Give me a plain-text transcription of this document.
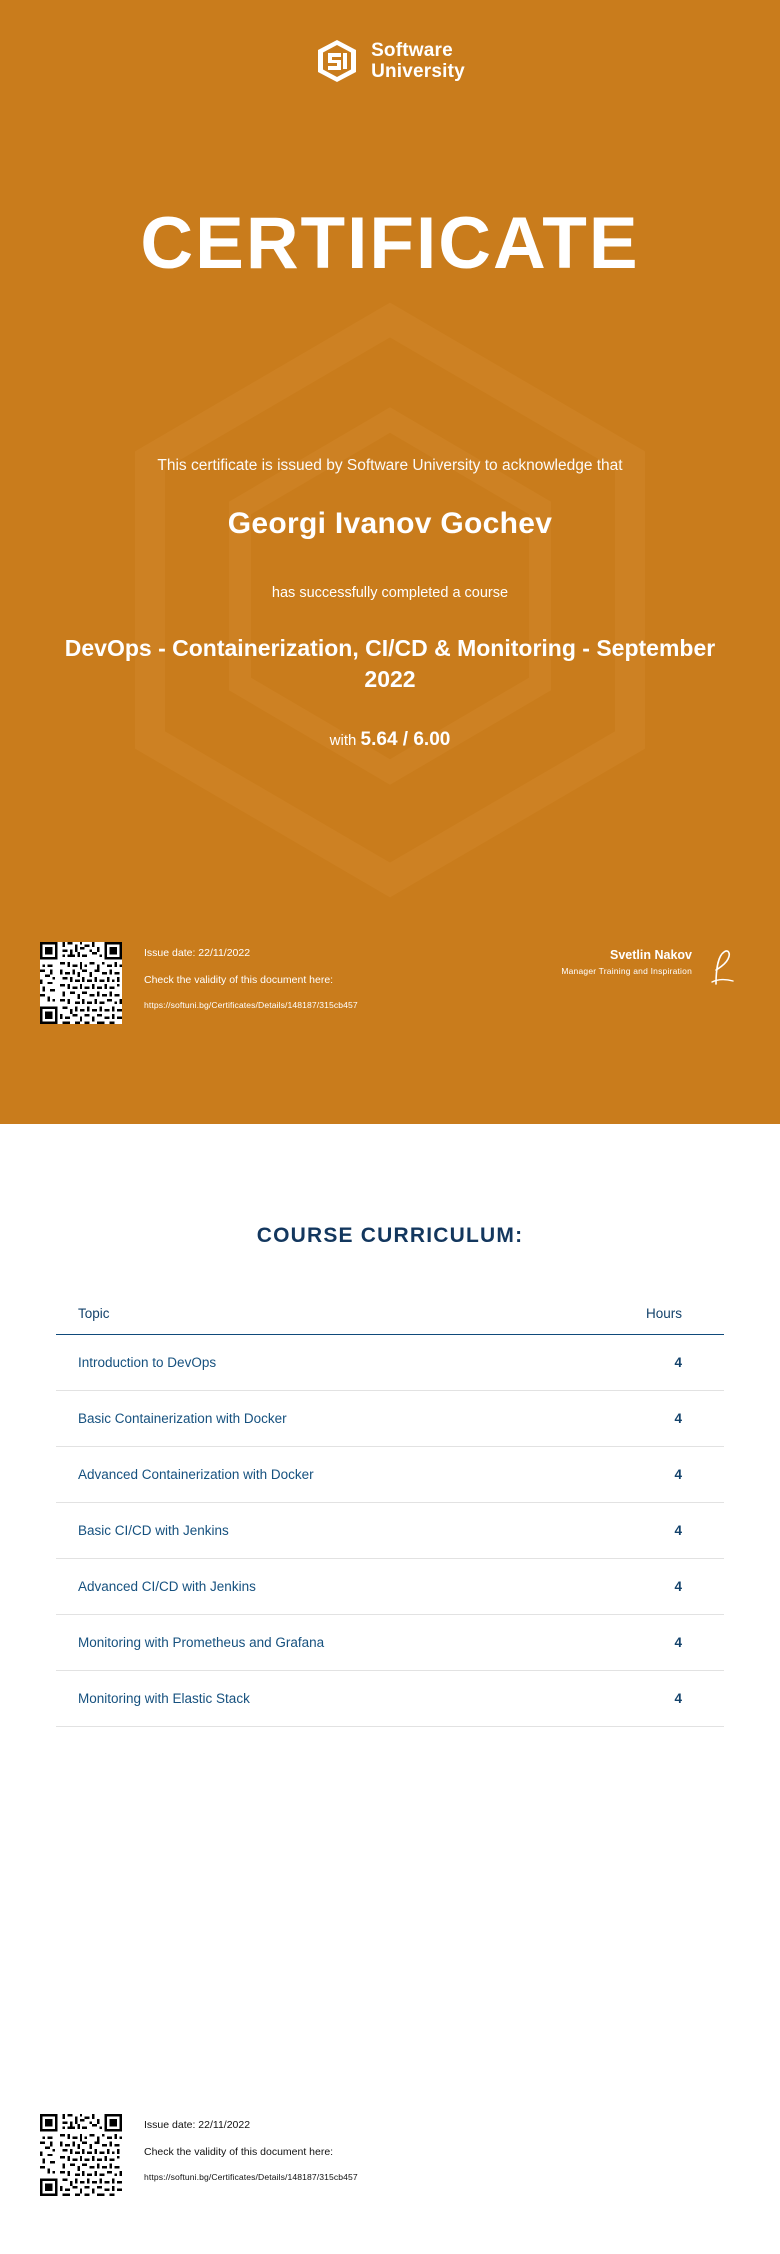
Software
University
CERTIFICATE
This certificate is issued by Software University to acknowledge that
Georgi Ivanov Gochev
has successfully completed a course
DevOps - Containerization, CI/CD & Monitoring - September 2022
with 5.64 / 6.00
Issue date: 22/11/2022
Check the validity of this document here:
https://softuni.bg/Certificates/Details/148187/315cb457
Svetlin Nakov
Manager Training and Inspiration
COURSE CURRICULUM:
Topic	Hours
Introduction to DevOps	4
Basic Containerization with Docker	4
Advanced Containerization with Docker	4
Basic CI/CD with Jenkins	4
Advanced CI/CD with Jenkins	4
Monitoring with Prometheus and Grafana	4
Monitoring with Elastic Stack	4
Issue date: 22/11/2022
Check the validity of this document here:
https://softuni.bg/Certificates/Details/148187/315cb457
